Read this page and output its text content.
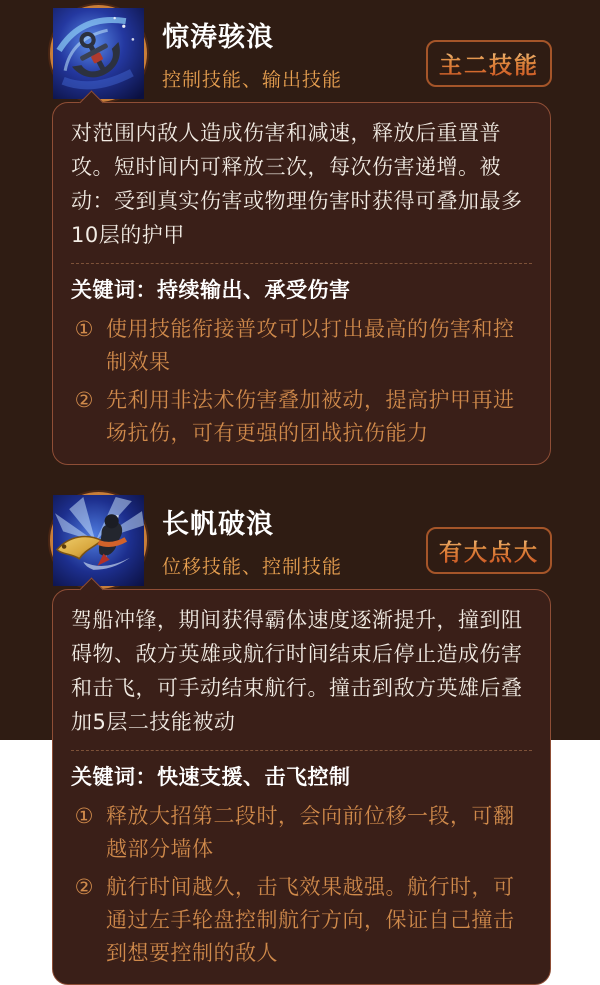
惊涛骇浪
控制技能、输出技能
主二技能

对范围内敌人造成伤害和减速，释放后重置普攻。短时间内可释放三次，每次伤害递增。被动：受到真实伤害或物理伤害时获得可叠加最多10层的护甲

关键词：持续输出、承受伤害
① 使用技能衔接普攻可以打出最高的伤害和控制效果
② 先利用非法术伤害叠加被动，提高护甲再进场抗伤，可有更强的团战抗伤能力
长帆破浪
位移技能、控制技能
有大点大

驾船冲锋，期间获得霸体速度逐渐提升，撞到阻碍物、敌方英雄或航行时间结束后停止造成伤害和击飞，可手动结束航行。撞击到敌方英雄后叠加5层二技能被动

关键词：快速支援、击飞控制
① 释放大招第二段时，会向前位移一段，可翻越部分墙体
② 航行时间越久，击飞效果越强。航行时，可通过左手轮盘控制航行方向，保证自己撞击到想要控制的敌人
